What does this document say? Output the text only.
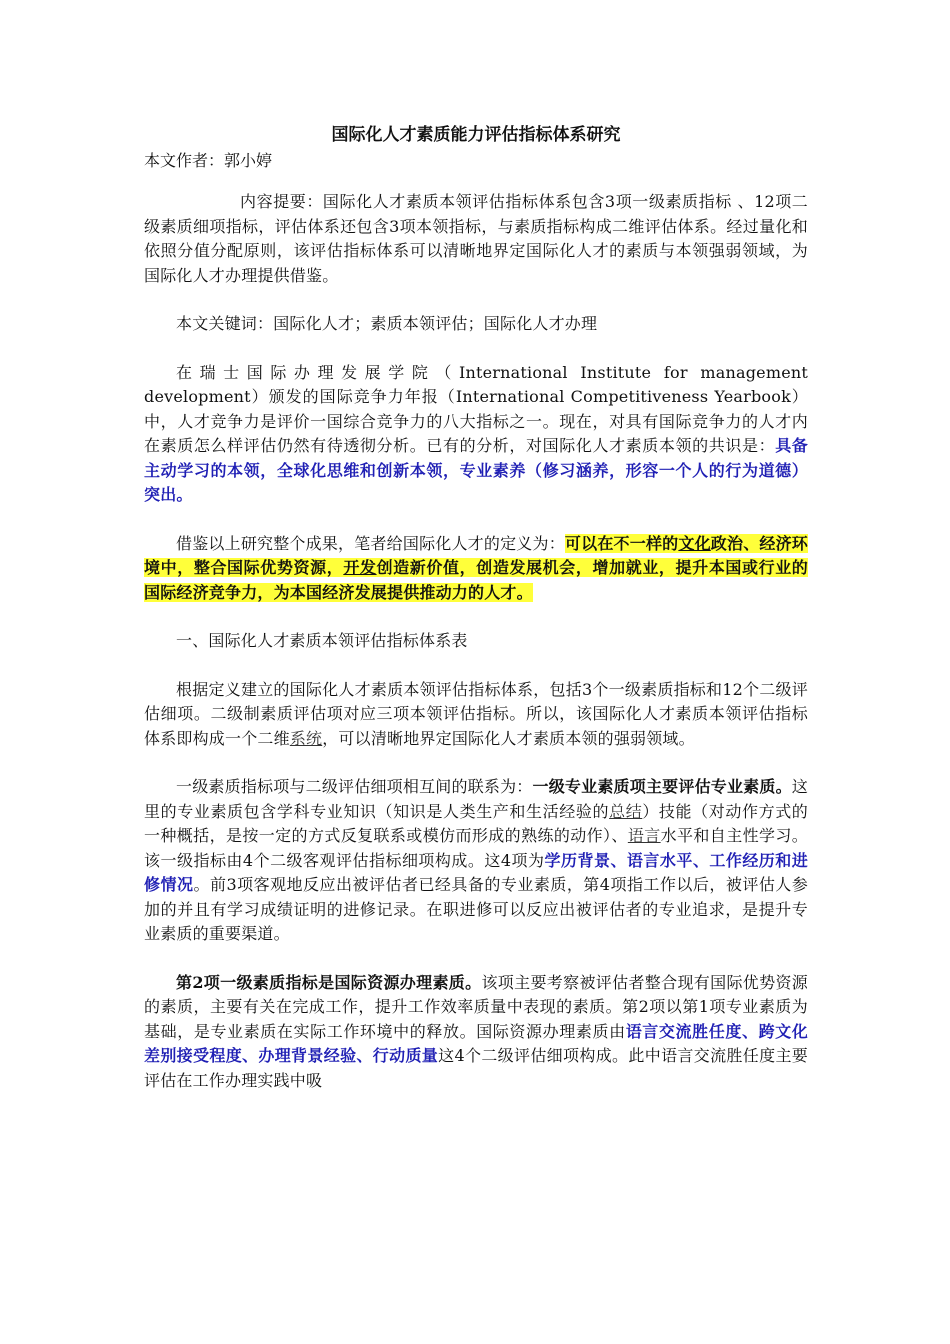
国际化人才素质能力评估指标体系研究

本文作者：郭小婷

内容提要：国际化人才素质本领评估指标体系包含3项一级素质指标 、12项二级素质细项指标，评估体系还包含3项本领指标，与素质指标构成二维评估体系。经过量化和依照分值分配原则，该评估指标体系可以清晰地界定国际化人才的素质与本领强弱领域，为国际化人才办理提供借鉴。

本文关键词：国际化人才；素质本领评估；国际化人才办理

在瑞士国际办理发展学院（International Institute for management development）颁发的国际竞争力年报（International Competitiveness Yearbook）中，人才竞争力是评价一国综合竞争力的八大指标之一。现在，对具有国际竞争力的人才内在素质怎么样评估仍然有待透彻分析。已有的分析，对国际化人才素质本领的共识是：具备主动学习的本领，全球化思维和创新本领，专业素养（修习涵养，形容一个人的行为道德）突出。

借鉴以上研究整个成果，笔者给国际化人才的定义为：可以在不一样的文化政治、经济环境中，整合国际优势资源，开发创造新价值，创造发展机会，增加就业，提升本国或行业的国际经济竞争力，为本国经济发展提供推动力的人才。

一、国际化人才素质本领评估指标体系表

根据定义建立的国际化人才素质本领评估指标体系，包括3个一级素质指标和12个二级评估细项。二级制素质评估项对应三项本领评估指标。所以，该国际化人才素质本领评估指标体系即构成一个二维系统，可以清晰地界定国际化人才素质本领的强弱领域。

一级素质指标项与二级评估细项相互间的联系为：一级专业素质项主要评估专业素质。这里的专业素质包含学科专业知识（知识是人类生产和生活经验的总结）技能（对动作方式的一种概括，是按一定的方式反复联系或模仿而形成的熟练的动作）、语言水平和自主性学习。该一级指标由4个二级客观评估指标细项构成。这4项为学历背景、语言水平、工作经历和进修情况。前3项客观地反应出被评估者已经具备的专业素质，第4项指工作以后，被评估人参加的并且有学习成绩证明的进修记录。在职进修可以反应出被评估者的专业追求，是提升专业素质的重要渠道。

第2项一级素质指标是国际资源办理素质。该项主要考察被评估者整合现有国际优势资源的素质，主要有关在完成工作，提升工作效率质量中表现的素质。第2项以第1项专业素质为基础，是专业素质在实际工作环境中的释放。国际资源办理素质由语言交流胜任度、跨文化差别接受程度、办理背景经验、行动质量这4个二级评估细项构成。此中语言交流胜任度主要评估在工作办理实践中吸
